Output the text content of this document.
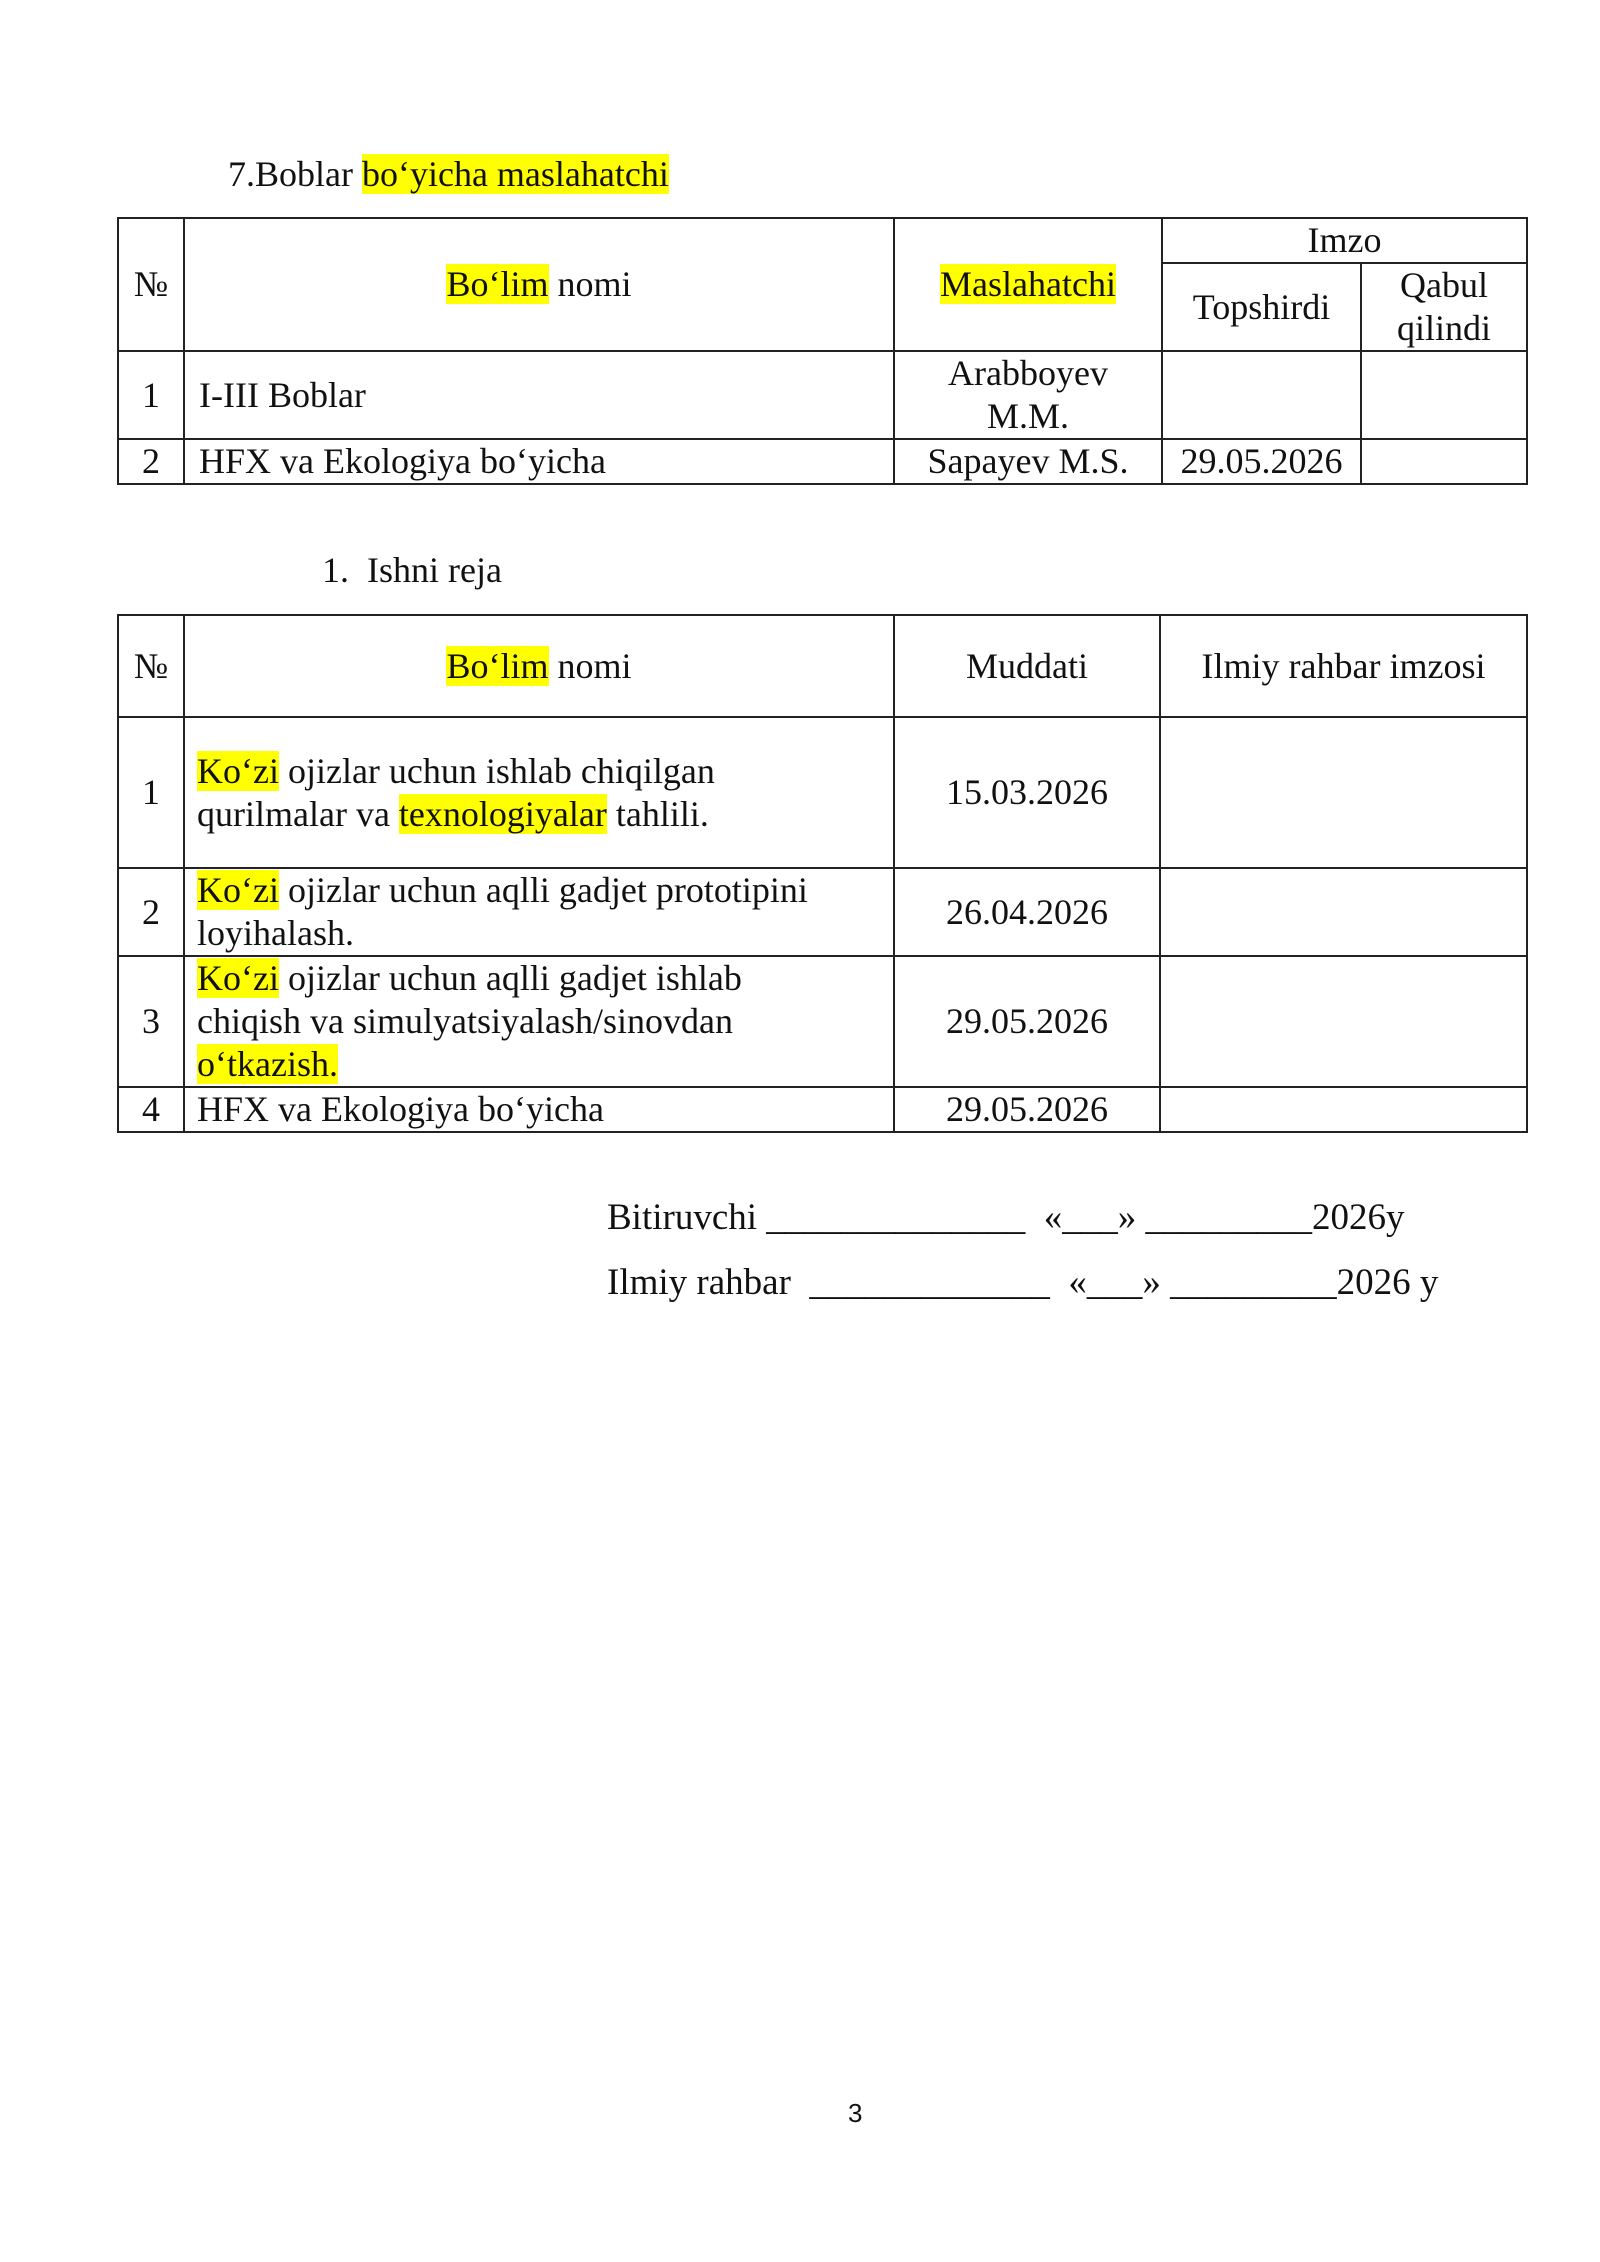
7.Boblar bo‘yicha maslahatchi
№	Bo‘lim nomi	Maslahatchi	Imzo	
			Topshirdi	Qabul qilindi
1	I-III Boblar	Arabboyev M.M.		
2	HFX va Ekologiya bo‘yicha	Sapayev M.S.	29.05.2026	
1. Ishni reja
№	Bo‘lim nomi	Muddati	Ilmiy rahbar imzosi
1	Ko‘zi ojizlar uchun ishlab chiqilgan qurilmalar va texnologiyalar tahlili.	15.03.2026	
2	Ko‘zi ojizlar uchun aqlli gadjet prototipini loyihalash.	26.04.2026	
3	Ko‘zi ojizlar uchun aqlli gadjet ishlab chiqish va simulyatsiyalash/sinovdan o‘tkazish.	29.05.2026	
4	HFX va Ekologiya bo‘yicha	29.05.2026	
Bitiruvchi ______________  «___» _________2026y
Ilmiy rahbar  _____________  «___» _________2026 y
3
